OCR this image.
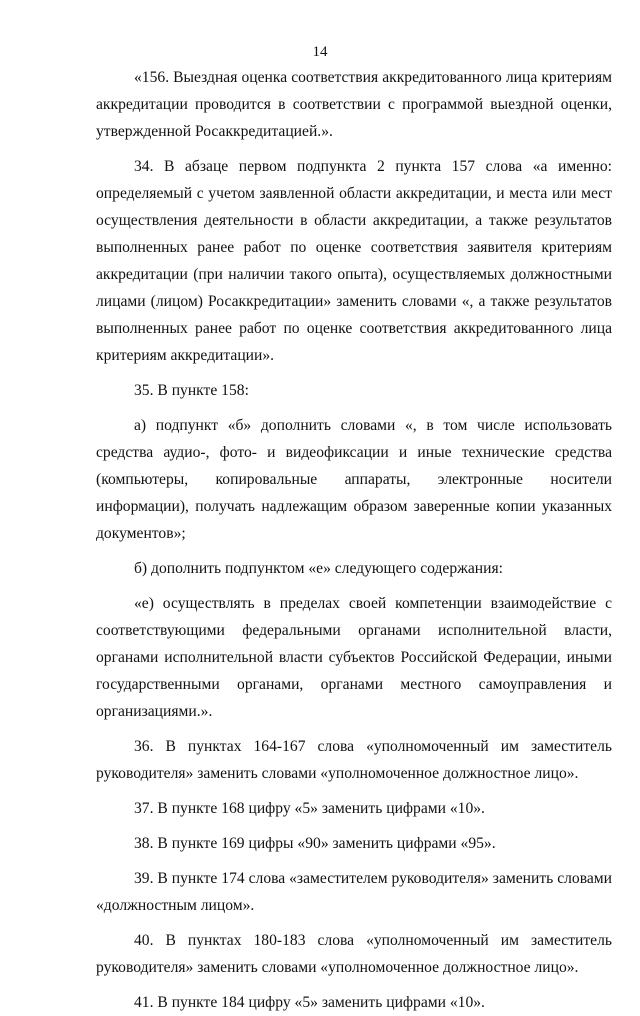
14

«156. Выездная оценка соответствия аккредитованного лица критериям аккредитации проводится в соответствии с программой выездной оценки, утвержденной Росаккредитацией.».

34. В абзаце первом подпункта 2 пункта 157 слова «а именно: определяемый с учетом заявленной области аккредитации, и места или мест осуществления деятельности в области аккредитации, а также результатов выполненных ранее работ по оценке соответствия заявителя критериям аккредитации (при наличии такого опыта), осуществляемых должностными лицами (лицом) Росаккредитации» заменить словами «, а также результатов выполненных ранее работ по оценке соответствия аккредитованного лица критериям аккредитации».

35. В пункте 158:

а) подпункт «б» дополнить словами «, в том числе использовать средства аудио-, фото- и видеофиксации и иные технические средства (компьютеры, копировальные аппараты, электронные носители информации), получать надлежащим образом заверенные копии указанных документов»;

б) дополнить подпунктом «е» следующего содержания:

«е) осуществлять в пределах своей компетенции взаимодействие с соответствующими федеральными органами исполнительной власти, органами исполнительной власти субъектов Российской Федерации, иными государственными органами, органами местного самоуправления и организациями.».

36. В пунктах 164-167 слова «уполномоченный им заместитель руководителя» заменить словами «уполномоченное должностное лицо».

37. В пункте 168 цифру «5» заменить цифрами «10».

38. В пункте 169 цифры «90» заменить цифрами «95».

39. В пункте 174 слова «заместителем руководителя» заменить словами «должностным лицом».

40. В пунктах 180-183 слова «уполномоченный им заместитель руководителя» заменить словами «уполномоченное должностное лицо».

41. В пункте 184 цифру «5» заменить цифрами «10».
